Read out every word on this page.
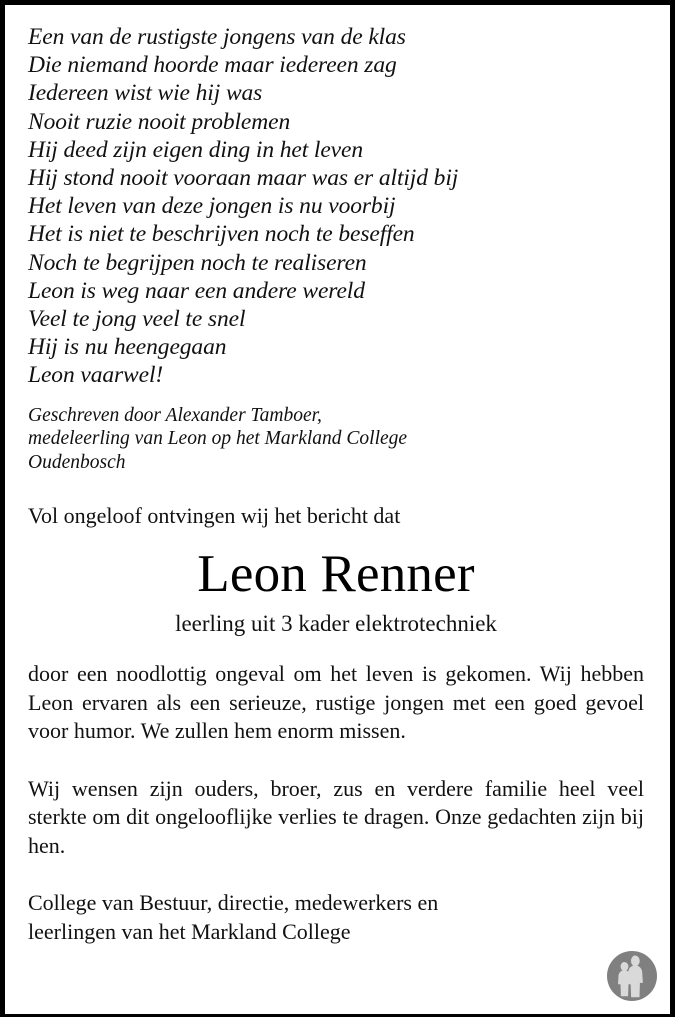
Een van de rustigste jongens van de klas
Die niemand hoorde maar iedereen zag
Iedereen wist wie hij was
Nooit ruzie nooit problemen
Hij deed zijn eigen ding in het leven
Hij stond nooit vooraan maar was er altijd bij
Het leven van deze jongen is nu voorbij
Het is niet te beschrijven noch te beseffen
Noch te begrijpen noch te realiseren
Leon is weg naar een andere wereld
Veel te jong veel te snel
Hij is nu heengegaan
Leon vaarwel!
Geschreven door Alexander Tamboer,
medeleerling van Leon op het Markland College
Oudenbosch
Vol ongeloof ontvingen wij het bericht dat
Leon Renner
leerling uit 3 kader elektrotechniek
door een noodlottig ongeval om het leven is gekomen. Wij hebben Leon ervaren als een serieuze, rustige jongen met een goed gevoel voor humor. We zullen hem enorm missen.
Wij wensen zijn ouders, broer, zus en verdere familie heel veel sterkte om dit ongelooflijke verlies te dragen. Onze gedachten zijn bij hen.
College van Bestuur, directie, medewerkers en
leerlingen van het Markland College
